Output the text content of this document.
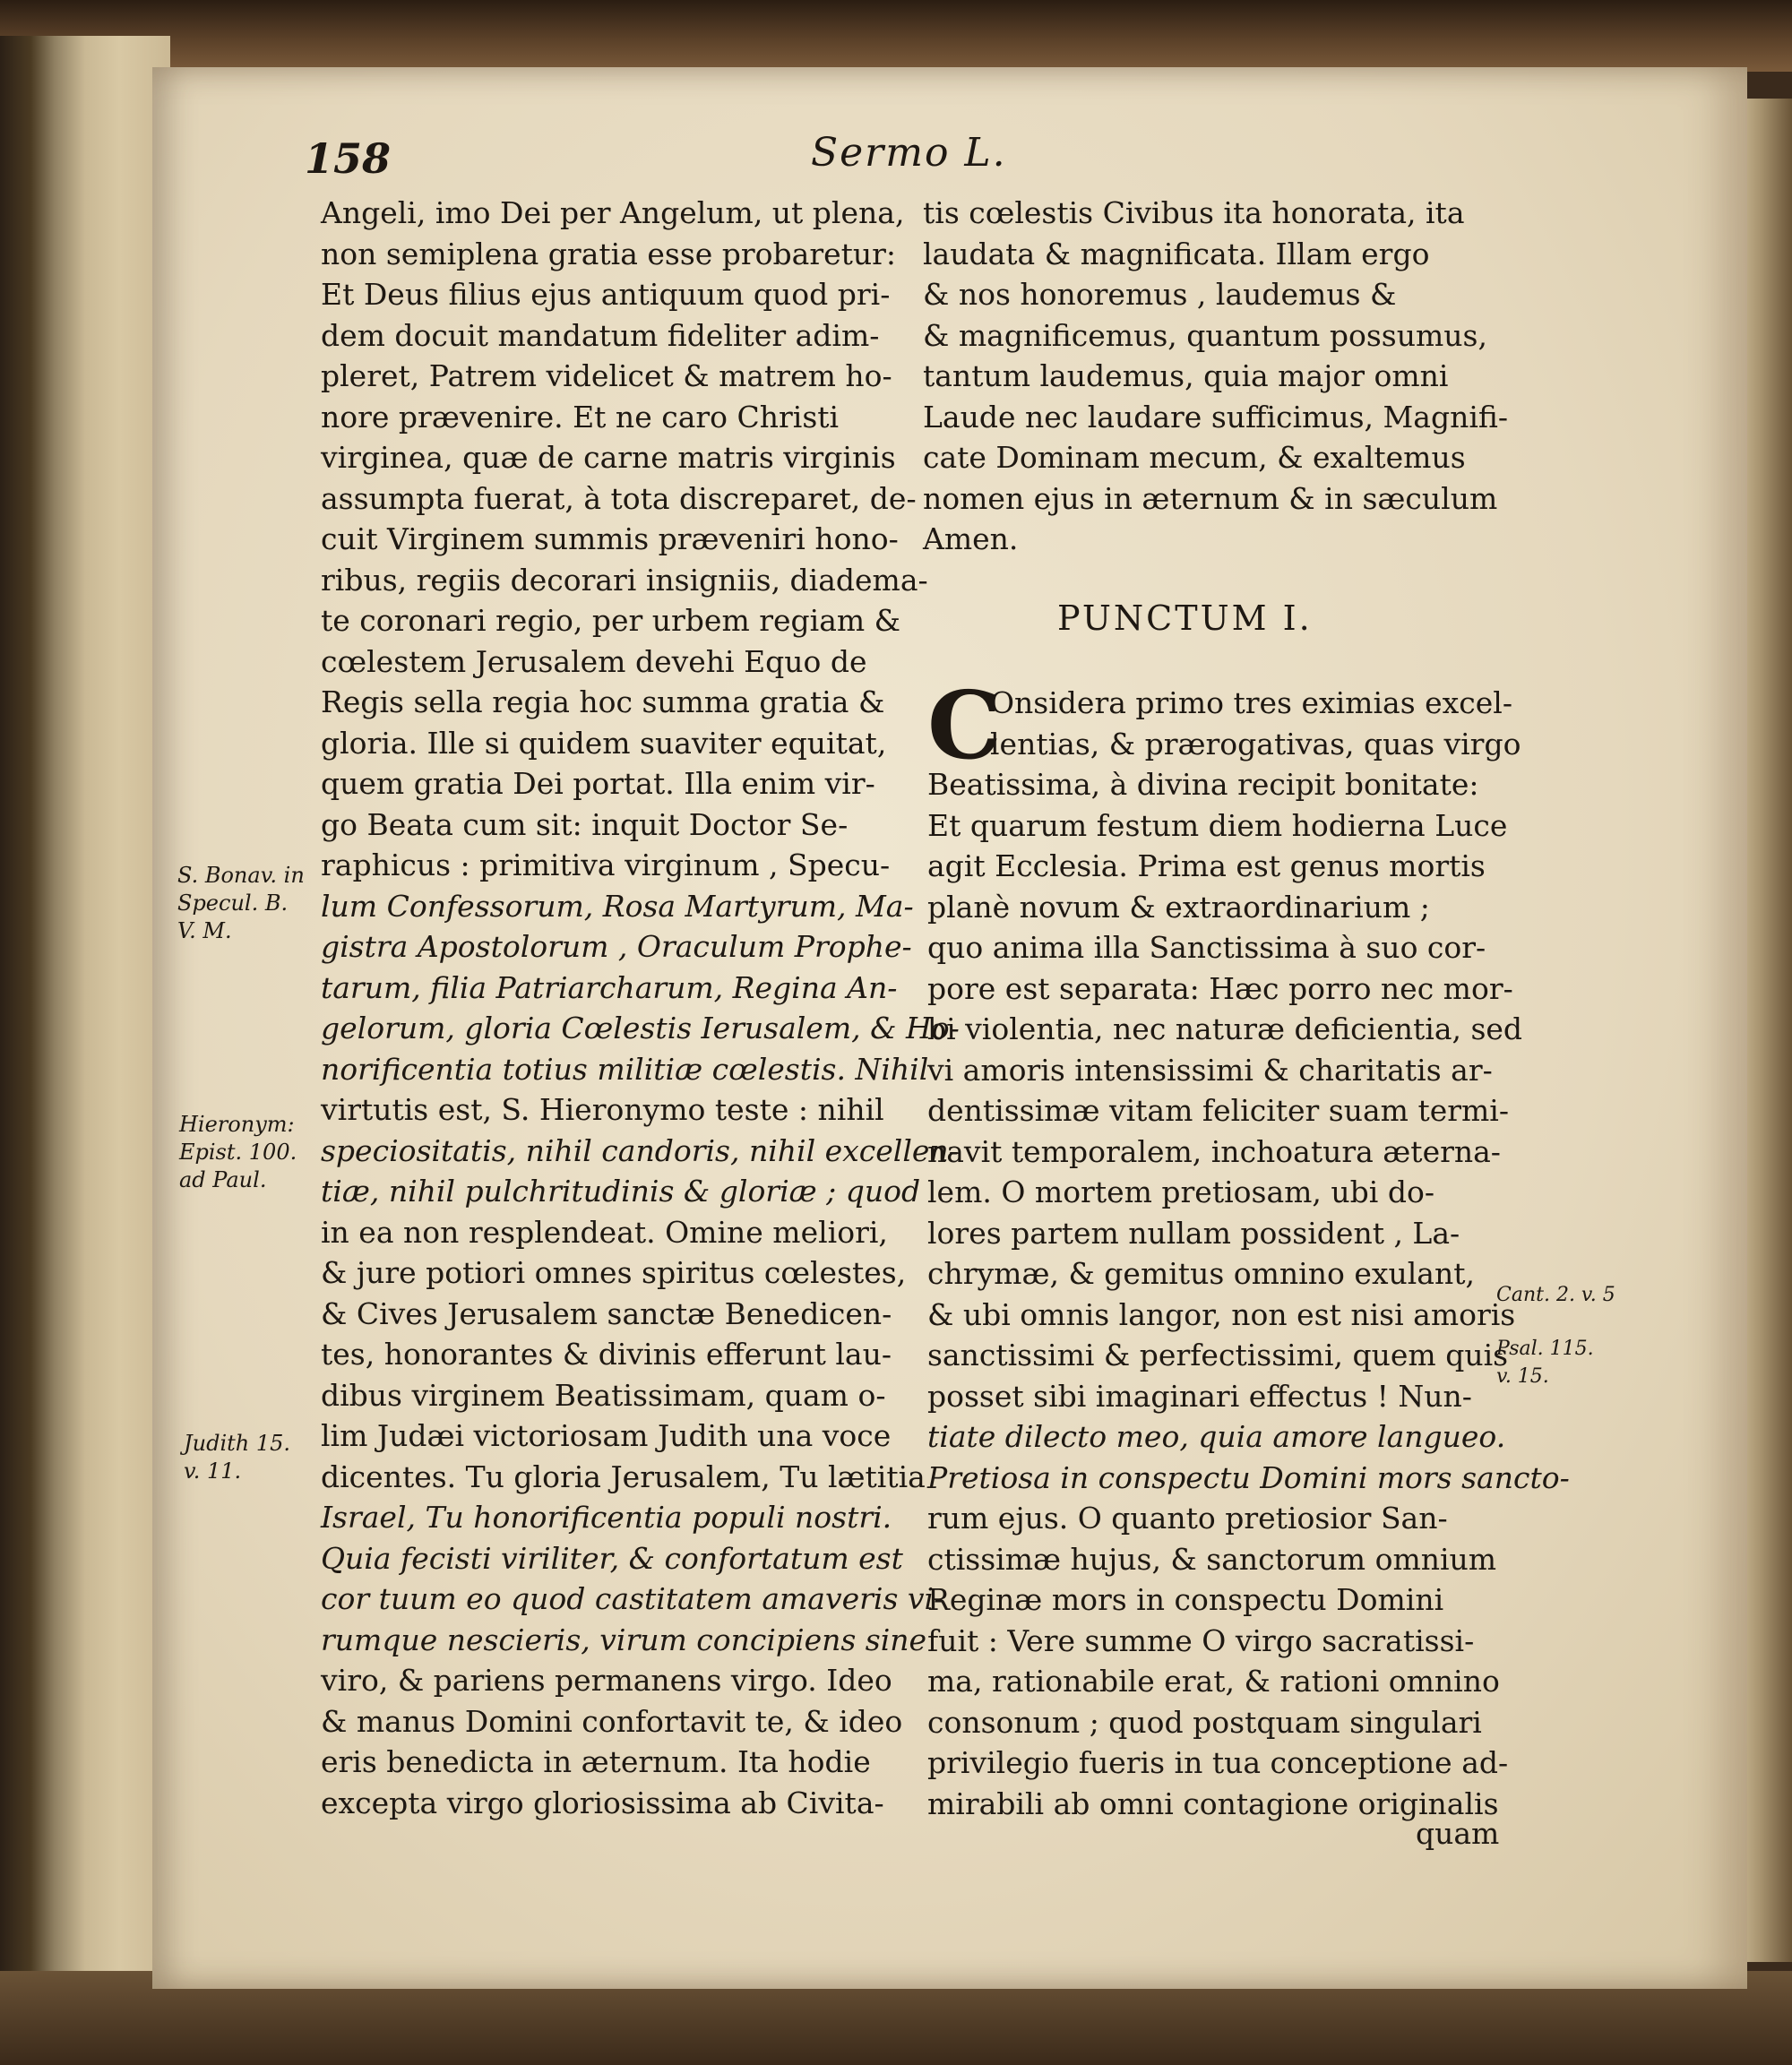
158	Sermo L.
Angeli, imo Dei per Angelum, ut plena,
non semiplena gratia esse probaretur:
Et Deus filius ejus antiquum quod pri-
dem docuit mandatum fideliter adim-
pleret, Patrem videlicet & matrem ho-
nore prævenire. Et ne caro Christi
virginea, quæ de carne matris virginis
assumpta fuerat, à tota discreparet, de-
cuit Virginem summis præveniri hono-
ribus, regiis decorari insigniis, diadema-
te coronari regio, per urbem regiam &
cœlestem Jerusalem devehi Equo de
Regis sella regia hoc summa gratia &
gloria. Ille si quidem suaviter equitat,
quem gratia Dei portat. Illa enim vir-
go Beata cum sit: inquit Doctor Se-
raphicus : primitiva virginum , Specu-
lum Confessorum, Rosa Martyrum, Ma-
gistra Apostolorum , Oraculum Prophe-
tarum, filia Patriarcharum, Regina An-
gelorum, gloria Cœlestis Ierusalem, & Ho-
norificentia totius militiæ cœlestis. Nihil
virtutis est, S. Hieronymo teste : nihil
speciositatis, nihil candoris, nihil excellen-
tiæ, nihil pulchritudinis & gloriæ ; quod
in ea non resplendeat. Omine meliori,
& jure potiori omnes spiritus cœlestes,
& Cives Jerusalem sanctæ Benedicen-
tes, honorantes & divinis efferunt lau-
dibus virginem Beatissimam, quam o-
lim Judæi victoriosam Judith una voce
dicentes. Tu gloria Jerusalem, Tu lætitia
Israel, Tu honorificentia populi nostri.
Quia fecisti viriliter, & confortatum est
cor tuum eo quod castitatem amaveris vi-
rumque nescieris, virum concipiens sine
viro, & pariens permanens virgo. Ideo
& manus Domini confortavit te, & ideo
eris benedicta in æternum. Ita hodie
excepta virgo gloriosissima ab Civita-
S. Bonav. in
Specul. B.
V. M.
Hieronym:
Epist. 100.
ad Paul.
Judith 15.
v. 11.
tis cœlestis Civibus ita honorata, ita
laudata & magnificata. Illam ergo
& nos honoremus , laudemus &
& magnificemus, quantum possumus,
tantum laudemus, quia major omni
Laude nec laudare sufficimus, Magnifi-
cate Dominam mecum, & exaltemus
nomen ejus in æternum & in sæculum
Amen.
PUNCTUM I.
C
Onsidera primo tres eximias excel-
lentias, & prærogativas, quas virgo
Beatissima, à divina recipit bonitate:
Et quarum festum diem hodierna Luce
agit Ecclesia. Prima est genus mortis
planè novum & extraordinarium ;
quo anima illa Sanctissima à suo cor-
pore est separata: Hæc porro nec mor-
bi violentia, nec naturæ deficientia, sed
vi amoris intensissimi & charitatis ar-
dentissimæ vitam feliciter suam termi-
navit temporalem, inchoatura æterna-
lem. O mortem pretiosam, ubi do-
lores partem nullam possident , La-
chrymæ, & gemitus omnino exulant,
& ubi omnis langor, non est nisi amoris
sanctissimi & perfectissimi, quem quis
posset sibi imaginari effectus ! Nun-
tiate dilecto meo, quia amore langueo.
Pretiosa in conspectu Domini mors sancto-
rum ejus. O quanto pretiosior San-
ctissimæ hujus, & sanctorum omnium
Reginæ mors in conspectu Domini
fuit : Vere summe O virgo sacratissi-
ma, rationabile erat, & rationi omnino
consonum ; quod postquam singulari
privilegio fueris in tua conceptione ad-
mirabili ab omni contagione originalis
quam
Cant. 2. v. 5
Psal. 115.
v. 15.
